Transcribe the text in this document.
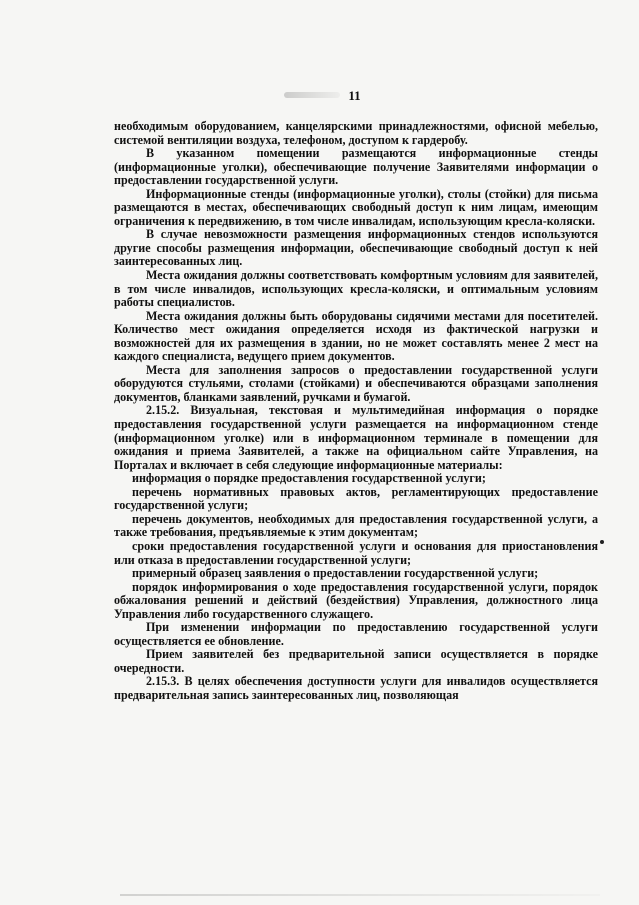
11

необходимым оборудованием, канцелярскими принадлежностями, офисной мебелью, системой вентиляции воздуха, телефоном, доступом к гардеробу.

В указанном помещении размещаются информационные стенды (информационные уголки), обеспечивающие получение Заявителями информации о предоставлении государственной услуги.

Информационные стенды (информационные уголки), столы (стойки) для письма размещаются в местах, обеспечивающих свободный доступ к ним лицам, имеющим ограничения к передвижению, в том числе инвалидам, использующим кресла-коляски.

В случае невозможности размещения информационных стендов используются другие способы размещения информации, обеспечивающие свободный доступ к ней заинтересованных лиц.

Места ожидания должны соответствовать комфортным условиям для заявителей, в том числе инвалидов, использующих кресла-коляски, и оптимальным условиям работы специалистов.

Места ожидания должны быть оборудованы сидячими местами для посетителей. Количество мест ожидания определяется исходя из фактической нагрузки и возможностей для их размещения в здании, но не может составлять менее 2 мест на каждого специалиста, ведущего прием документов.

Места для заполнения запросов о предоставлении государственной услуги оборудуются стульями, столами (стойками) и обеспечиваются образцами заполнения документов, бланками заявлений, ручками и бумагой.

2.15.2. Визуальная, текстовая и мультимедийная информация о порядке предоставления государственной услуги размещается на информационном стенде (информационном уголке) или в информационном терминале в помещении для ожидания и приема Заявителей, а также на официальном сайте Управления, на Порталах и включает в себя следующие информационные материалы:

информация о порядке предоставления государственной услуги;

перечень нормативных правовых актов, регламентирующих предоставление государственной услуги;

перечень документов, необходимых для предоставления государственной услуги, а также требования, предъявляемые к этим документам;

сроки предоставления государственной услуги и основания для приостановления или отказа в предоставлении государственной услуги;

примерный образец заявления о предоставлении государственной услуги;

порядок информирования о ходе предоставления государственной услуги, порядок обжалования решений и действий (бездействия) Управления, должностного лица Управления либо государственного служащего.

При изменении информации по предоставлению государственной услуги осуществляется ее обновление.

Прием заявителей без предварительной записи осуществляется в порядке очередности.

2.15.3. В целях обеспечения доступности услуги для инвалидов осуществляется предварительная запись заинтересованных лиц, позволяющая
